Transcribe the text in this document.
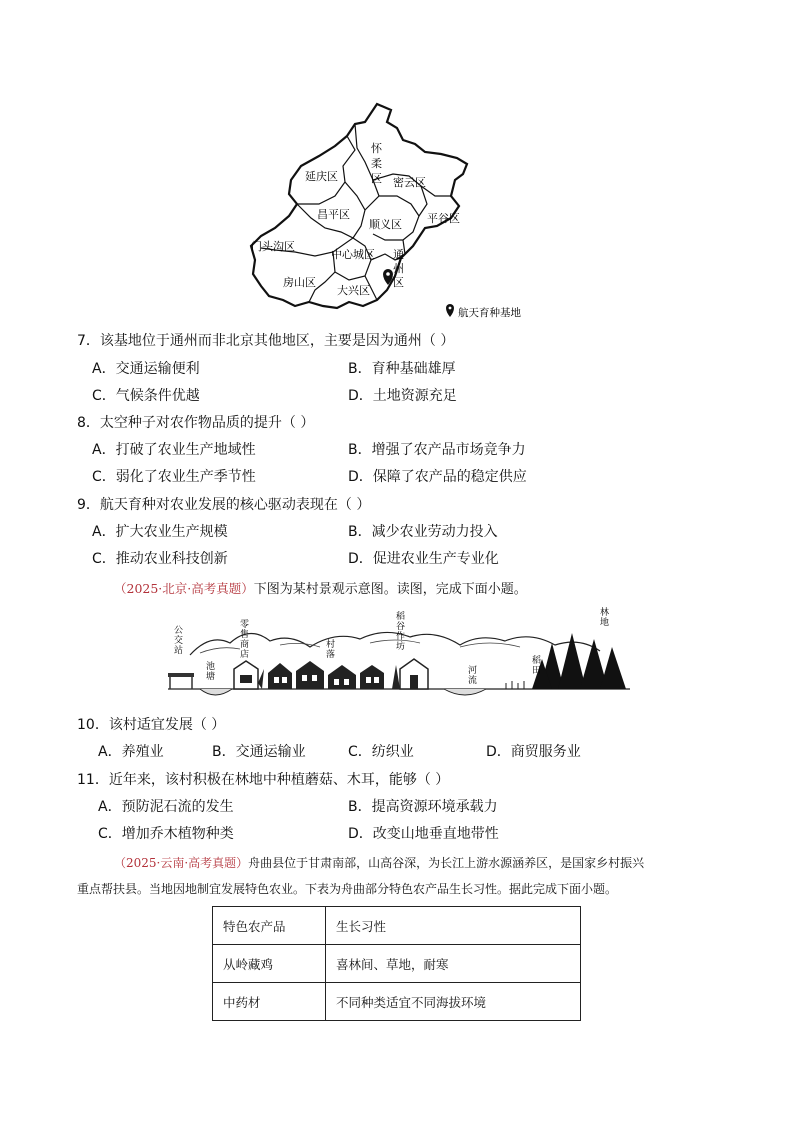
延庆区
怀柔区 密云区
昌平区
顺义区 平谷区
门头沟区
中心城区 通州区
房山区
大兴区
航天育种基地
7．该基地位于通州而非北京其他地区，主要是因为通州（ ）
A．交通运输便利	B．育种基础雄厚
C．气候条件优越	D．土地资源充足
8．太空种子对农作物品质的提升（ ）
A．打破了农业生产地域性	B．增强了农产品市场竞争力
C．弱化了农业生产季节性	D．保障了农产品的稳定供应
9．航天育种对农业发展的核心驱动表现在（ ）
A．扩大农业生产规模	B．减少农业劳动力投入
C．推动农业科技创新	D．促进农业生产专业化
（2025·北京·高考真题）下图为某村景观示意图。读图，完成下面小题。
公交站
池塘
零售商店
村落
稻谷作坊
河流
稻田
林地
10．该村适宜发展（ ）
A．养殖业	B．交通运输业	C．纺织业	D．商贸服务业
11．近年来，该村积极在林地中种植蘑菇、木耳，能够（ ）
A．预防泥石流的发生	B．提高资源环境承载力
C．增加乔木植物种类	D．改变山地垂直地带性
（2025·云南·高考真题）舟曲县位于甘肃南部，山高谷深，为长江上游水源涵养区，是国家乡村振兴
重点帮扶县。当地因地制宜发展特色农业。下表为舟曲部分特色农产品生长习性。据此完成下面小题。
特色农产品	生长习性
从岭藏鸡	喜林间、草地，耐寒
中药材	不同种类适宜不同海拔环境
